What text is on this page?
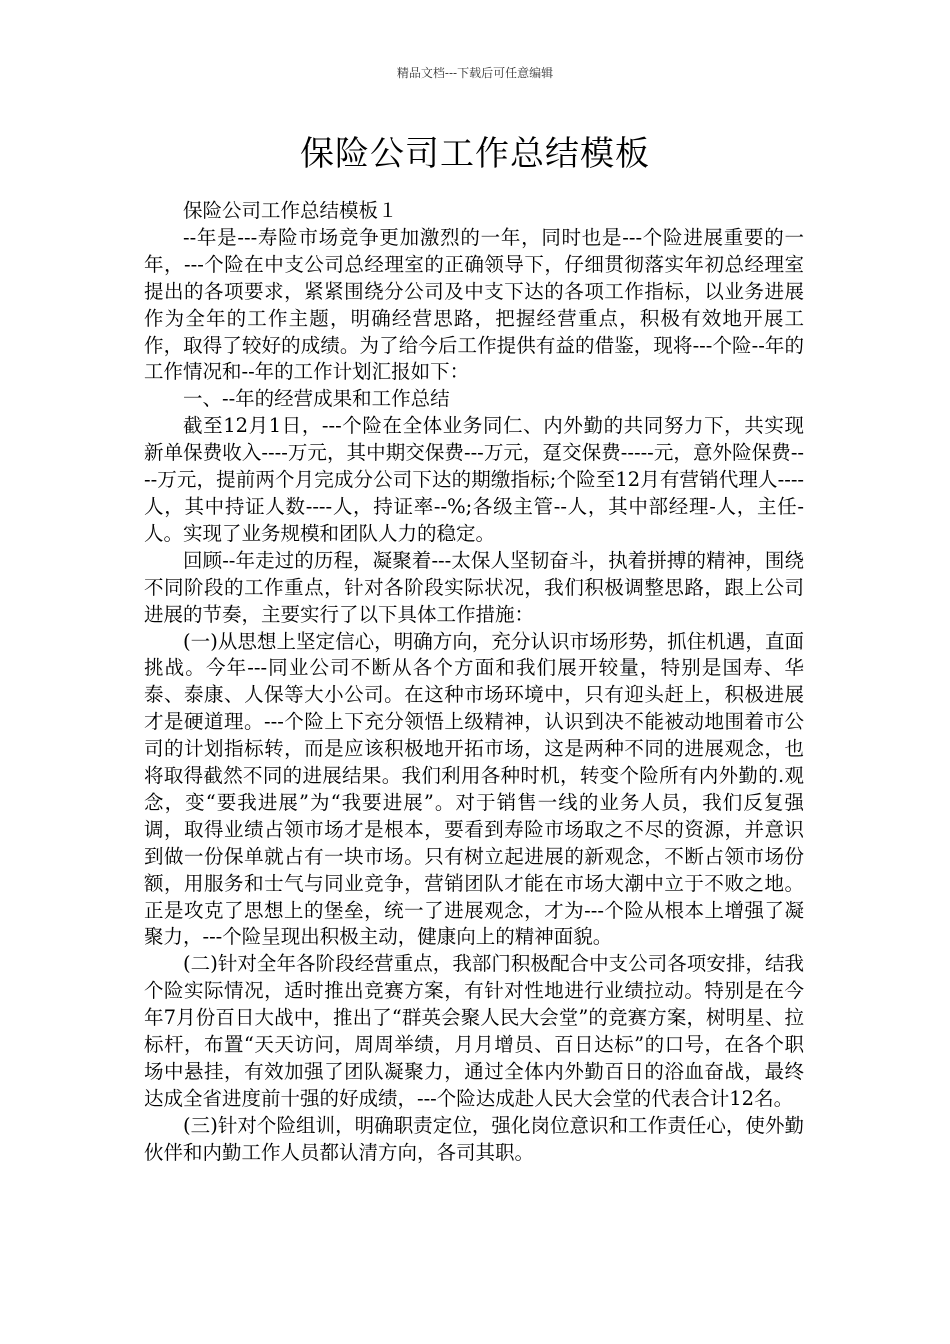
精品文档---下载后可任意编辑
保险公司工作总结模板

保险公司工作总结模板１

--年是---寿险市场竞争更加激烈的一年，同时也是---个险进展重要的一年，---个险在中支公司总经理室的正确领导下，仔细贯彻落实年初总经理室提出的各项要求，紧紧围绕分公司及中支下达的各项工作指标，以业务进展作为全年的工作主题，明确经营思路，把握经营重点，积极有效地开展工作，取得了较好的成绩。为了给今后工作提供有益的借鉴，现将---个险--年的工作情况和--年的工作计划汇报如下：

一、--年的经营成果和工作总结

截至12月1日，---个险在全体业务同仁、内外勤的共同努力下，共实现新单保费收入----万元，其中期交保费---万元，趸交保费-----元，意外险保费----万元，提前两个月完成分公司下达的期缴指标;个险至12月有营销代理人----人，其中持证人数----人，持证率--%;各级主管--人，其中部经理-人，主任-人。实现了业务规模和团队人力的稳定。

回顾--年走过的历程，凝聚着---太保人坚韧奋斗，执着拼搏的精神，围绕不同阶段的工作重点，针对各阶段实际状况，我们积极调整思路，跟上公司进展的节奏，主要实行了以下具体工作措施：

(一)从思想上坚定信心，明确方向，充分认识市场形势，抓住机遇，直面挑战。今年---同业公司不断从各个方面和我们展开较量，特别是国寿、华泰、泰康、人保等大小公司。在这种市场环境中，只有迎头赶上，积极进展才是硬道理。---个险上下充分领悟上级精神，认识到决不能被动地围着市公司的计划指标转，而是应该积极地开拓市场，这是两种不同的进展观念，也将取得截然不同的进展结果。我们利用各种时机，转变个险所有内外勤的.观念，变“要我进展”为“我要进展”。对于销售一线的业务人员，我们反复强调，取得业绩占领市场才是根本，要看到寿险市场取之不尽的资源，并意识到做一份保单就占有一块市场。只有树立起进展的新观念，不断占领市场份额，用服务和士气与同业竞争，营销团队才能在市场大潮中立于不败之地。正是攻克了思想上的堡垒，统一了进展观念，才为---个险从根本上增强了凝聚力，---个险呈现出积极主动，健康向上的精神面貌。

(二)针对全年各阶段经营重点，我部门积极配合中支公司各项安排，结我个险实际情况，适时推出竞赛方案，有针对性地进行业绩拉动。特别是在今年7月份百日大战中，推出了“群英会聚人民大会堂”的竞赛方案，树明星、拉标杆，布置“天天访问，周周举绩，月月增员、百日达标”的口号，在各个职场中悬挂，有效加强了团队凝聚力，通过全体内外勤百日的浴血奋战，最终达成全省进度前十强的好成绩，---个险达成赴人民大会堂的代表合计12名。

(三)针对个险组训，明确职责定位，强化岗位意识和工作责任心，使外勤伙伴和内勤工作人员都认清方向，各司其职。
